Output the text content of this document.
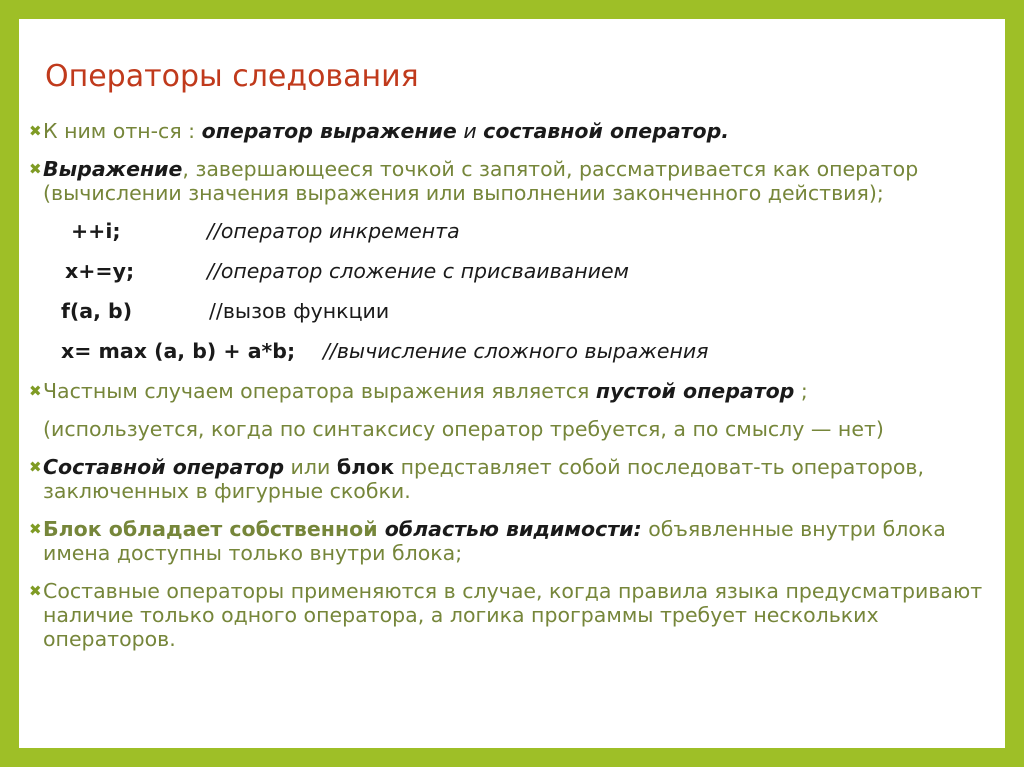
Операторы следования
✖ К ним отн-ся : оператор выражение и составной оператор.
✖ Выражение, завершающееся точкой с запятой, рассматривается как оператор (вычислении значения выражения или выполнении законченного действия);
++i;	//оператор инкремента
x+=y;	//оператор сложение с присваиванием
f(a, b)	//вызов функции
x= max (a, b) + a*b; //вычисление сложного выражения
✖ Частным случаем оператора выражения является пустой оператор ;
(используется, когда по синтаксису оператор требуется, а по смыслу — нет)
✖ Составной оператор или блок представляет собой последоват-ть операторов, заключенных в фигурные скобки.
✖ Блок обладает собственной областью видимости: объявленные внутри блока имена доступны только внутри блока;
✖ Составные операторы применяются в случае, когда правила языка предусматривают наличие только одного оператора, а логика программы требует нескольких операторов.
